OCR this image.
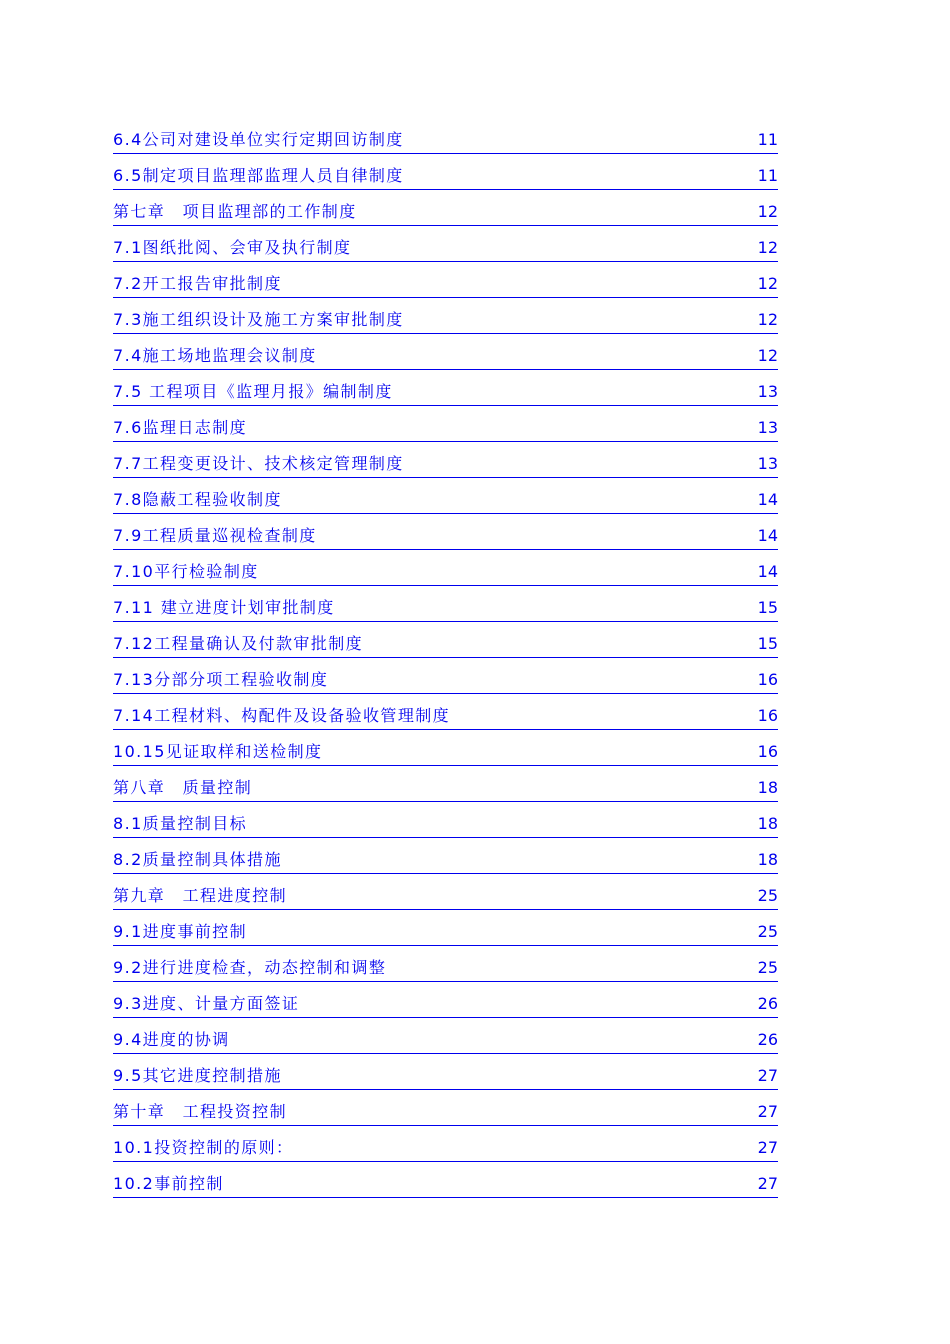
6.4公司对建设单位实行定期回访制度	11
6.5制定项目监理部监理人员自律制度	11
第七章　项目监理部的工作制度	12
7.1图纸批阅、会审及执行制度	12
7.2开工报告审批制度	12
7.3施工组织设计及施工方案审批制度	12
7.4施工场地监理会议制度	12
7.5 工程项目《监理月报》编制制度	13
7.6监理日志制度	13
7.7工程变更设计、技术核定管理制度	13
7.8隐蔽工程验收制度	14
7.9工程质量巡视检查制度	14
7.10平行检验制度	14
7.11 建立进度计划审批制度	15
7.12工程量确认及付款审批制度	15
7.13分部分项工程验收制度	16
7.14工程材料、构配件及设备验收管理制度	16
10.15见证取样和送检制度	16
第八章　质量控制	18
8.1质量控制目标	18
8.2质量控制具体措施	18
第九章　工程进度控制	25
9.1进度事前控制	25
9.2进行进度检查，动态控制和调整	25
9.3进度、计量方面签证	26
9.4进度的协调	26
9.5其它进度控制措施	27
第十章　工程投资控制	27
10.1投资控制的原则：	27
10.2事前控制	27
